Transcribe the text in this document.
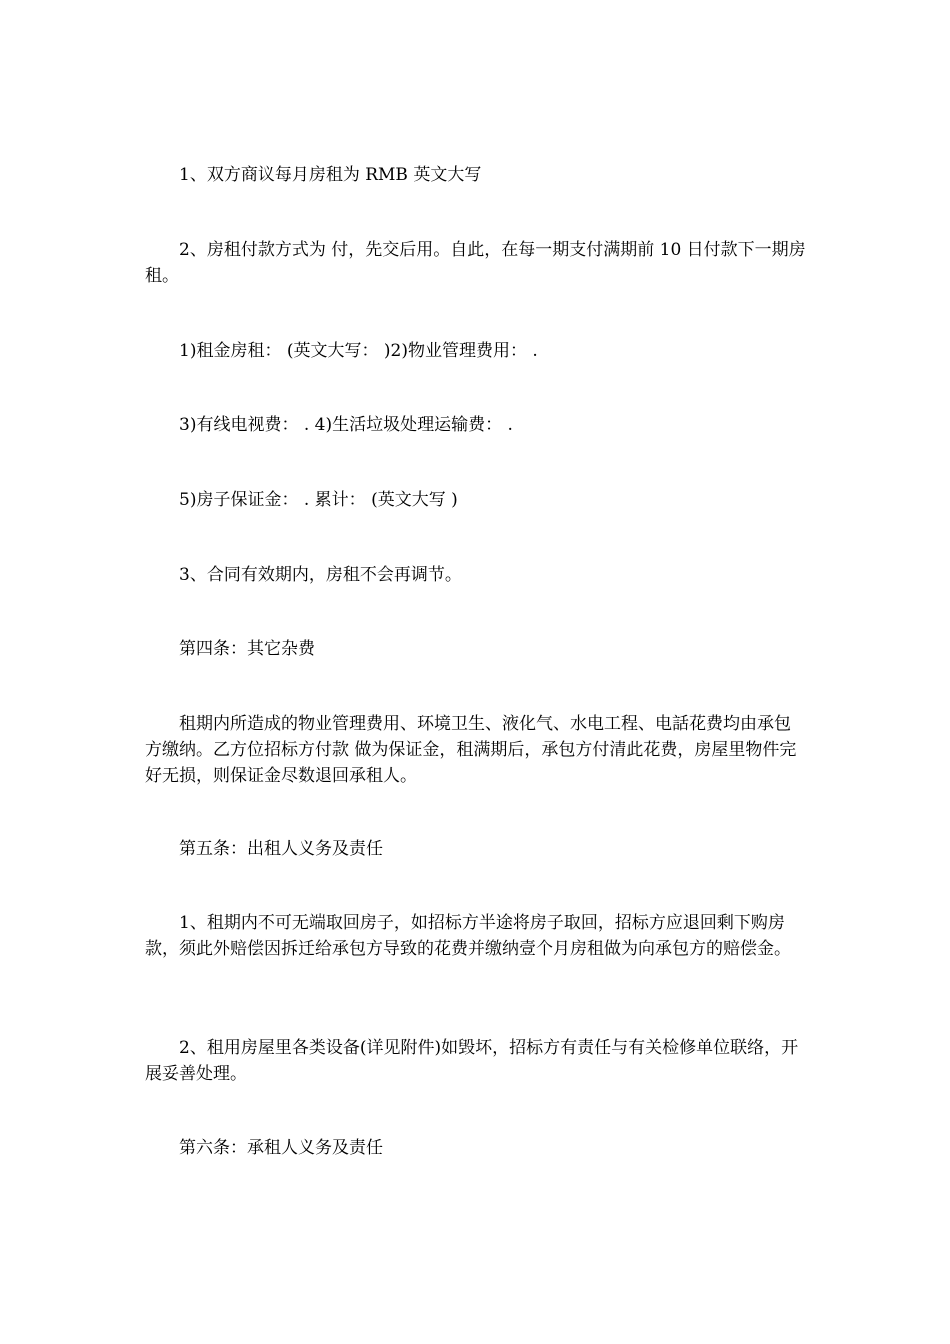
1、双方商议每月房租为 RMB 英文大写

2、房租付款方式为 付，先交后用。自此，在每一期支付满期前 10 日付款下一期房租。

1)租金房租： (英文大写： )2)物业管理费用： .

3)有线电视费： . 4)生活垃圾处理运输费： .

5)房子保证金： . 累计： (英文大写 )

3、合同有效期内，房租不会再调节。

第四条：其它杂费

租期内所造成的物业管理费用、环境卫生、液化气、水电工程、电話花费均由承包方缴纳。乙方位招标方付款 做为保证金，租满期后，承包方付清此花费，房屋里物件完好无损，则保证金尽数退回承租人。

第五条：出租人义务及责任

1、租期内不可无端取回房子，如招标方半途将房子取回，招标方应退回剩下购房款，须此外赔偿因拆迁给承包方导致的花费并缴纳壹个月房租做为向承包方的赔偿金。

2、租用房屋里各类设备(详见附件)如毁坏，招标方有责任与有关检修单位联络，开展妥善处理。

第六条：承租人义务及责任
